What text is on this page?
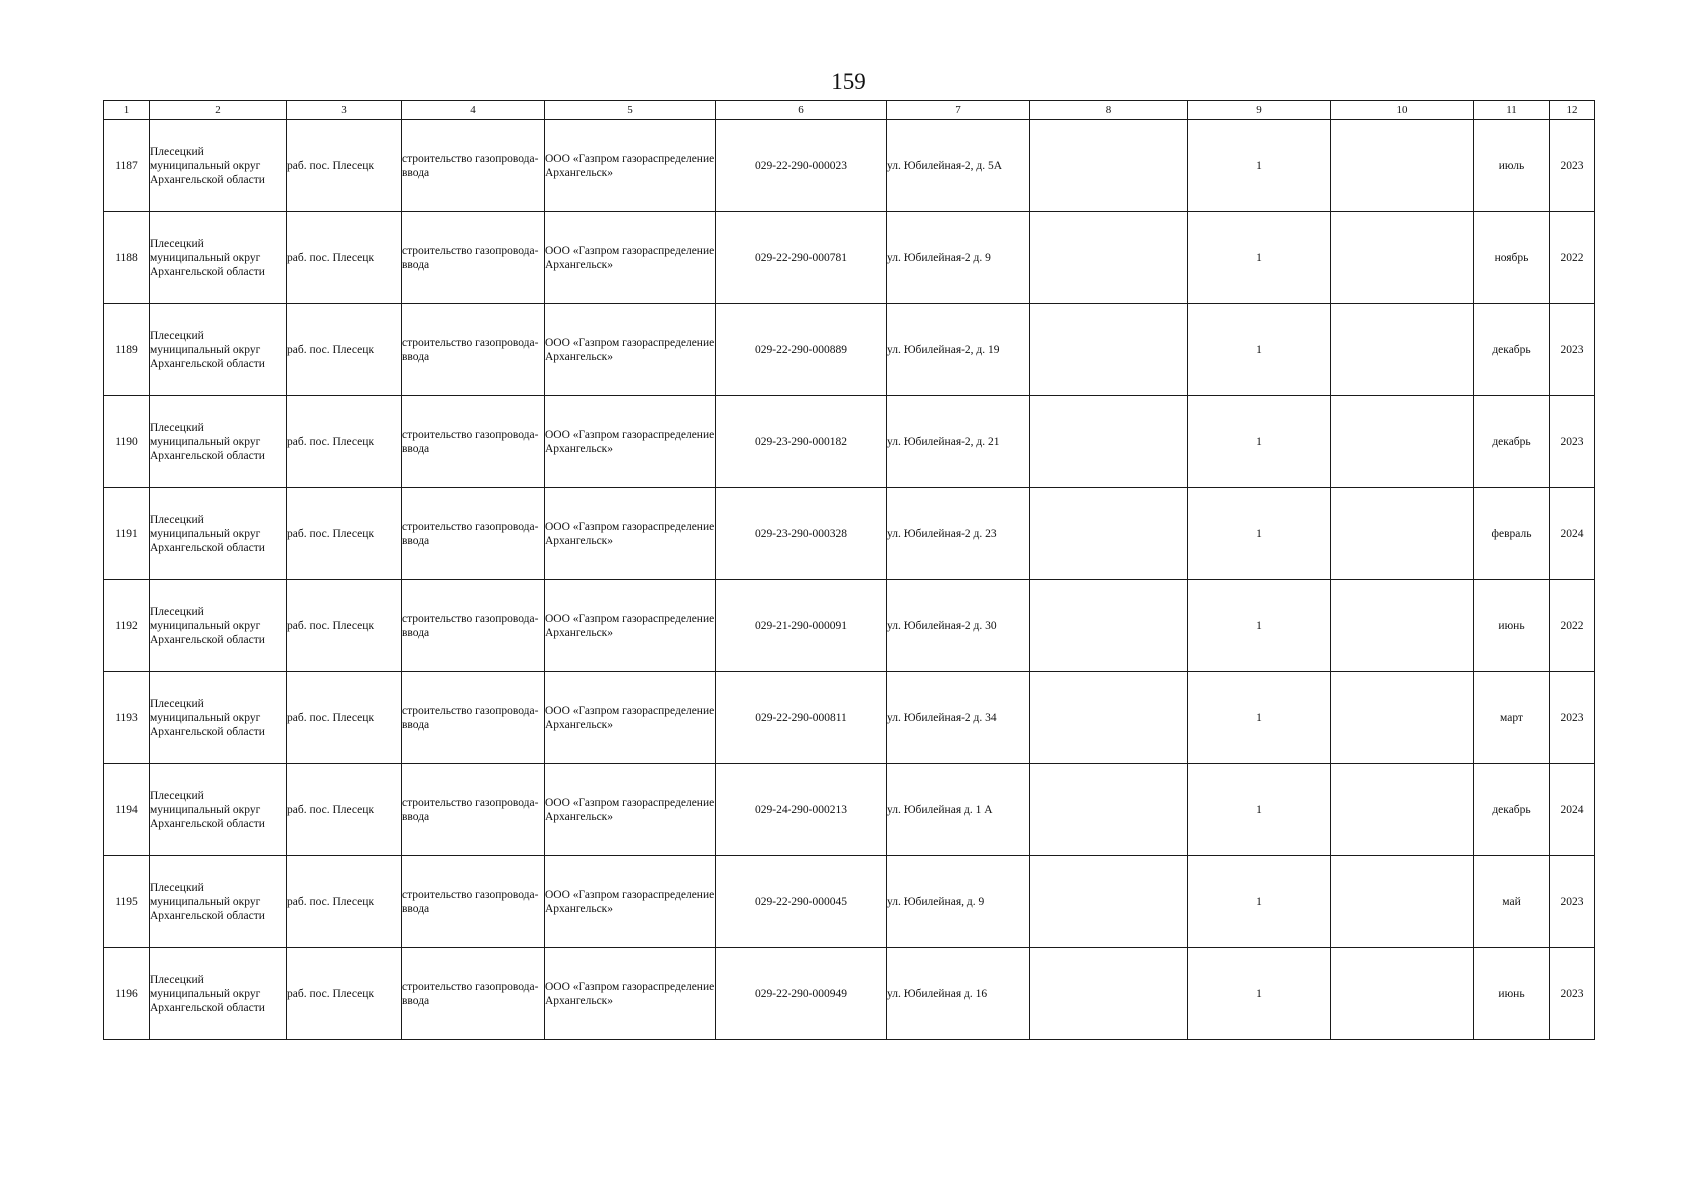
159
1	2	3	4	5	6	7	8	9	10	11	12
1187	Плесецкий муниципальный округ Архангельской области	раб. пос. Плесецк	строительство газопровода-ввода	ООО «Газпром газораспределение Архангельск»	029-22-290-000023	ул. Юбилейная-2, д. 5А		1		июль	2023
1188	Плесецкий муниципальный округ Архангельской области	раб. пос. Плесецк	строительство газопровода-ввода	ООО «Газпром газораспределение Архангельск»	029-22-290-000781	ул. Юбилейная-2 д. 9		1		ноябрь	2022
1189	Плесецкий муниципальный округ Архангельской области	раб. пос. Плесецк	строительство газопровода-ввода	ООО «Газпром газораспределение Архангельск»	029-22-290-000889	ул. Юбилейная-2, д. 19		1		декабрь	2023
1190	Плесецкий муниципальный округ Архангельской области	раб. пос. Плесецк	строительство газопровода-ввода	ООО «Газпром газораспределение Архангельск»	029-23-290-000182	ул. Юбилейная-2, д. 21		1		декабрь	2023
1191	Плесецкий муниципальный округ Архангельской области	раб. пос. Плесецк	строительство газопровода-ввода	ООО «Газпром газораспределение Архангельск»	029-23-290-000328	ул. Юбилейная-2 д. 23		1		февраль	2024
1192	Плесецкий муниципальный округ Архангельской области	раб. пос. Плесецк	строительство газопровода-ввода	ООО «Газпром газораспределение Архангельск»	029-21-290-000091	ул. Юбилейная-2 д. 30		1		июнь	2022
1193	Плесецкий муниципальный округ Архангельской области	раб. пос. Плесецк	строительство газопровода-ввода	ООО «Газпром газораспределение Архангельск»	029-22-290-000811	ул. Юбилейная-2 д. 34		1		март	2023
1194	Плесецкий муниципальный округ Архангельской области	раб. пос. Плесецк	строительство газопровода-ввода	ООО «Газпром газораспределение Архангельск»	029-24-290-000213	ул. Юбилейная д. 1 А		1		декабрь	2024
1195	Плесецкий муниципальный округ Архангельской области	раб. пос. Плесецк	строительство газопровода-ввода	ООО «Газпром газораспределение Архангельск»	029-22-290-000045	ул. Юбилейная, д. 9		1		май	2023
1196	Плесецкий муниципальный округ Архангельской области	раб. пос. Плесецк	строительство газопровода-ввода	ООО «Газпром газораспределение Архангельск»	029-22-290-000949	ул. Юбилейная д. 16		1		июнь	2023
